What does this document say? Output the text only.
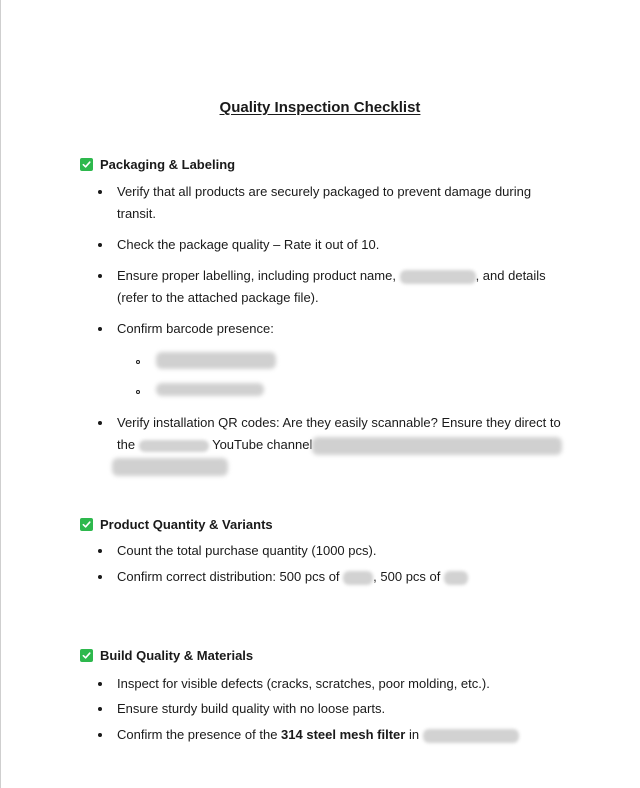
Quality Inspection Checklist
Packaging & Labeling
Verify that all products are securely packaged to prevent damage during
transit.
Check the package quality – Rate it out of 10.
Ensure proper labelling, including product name,	, and details
(refer to the attached package file).
Confirm barcode presence:
Verify installation QR codes: Are they easily scannable? Ensure they direct to
the	YouTube channel
Product Quantity & Variants
Count the total purchase quantity (1000 pcs).
Confirm correct distribution: 500 pcs of	, 500 pcs of
Build Quality & Materials
Inspect for visible defects (cracks, scratches, poor molding, etc.).
Ensure sturdy build quality with no loose parts.
Confirm the presence of the 314 steel mesh filter in
